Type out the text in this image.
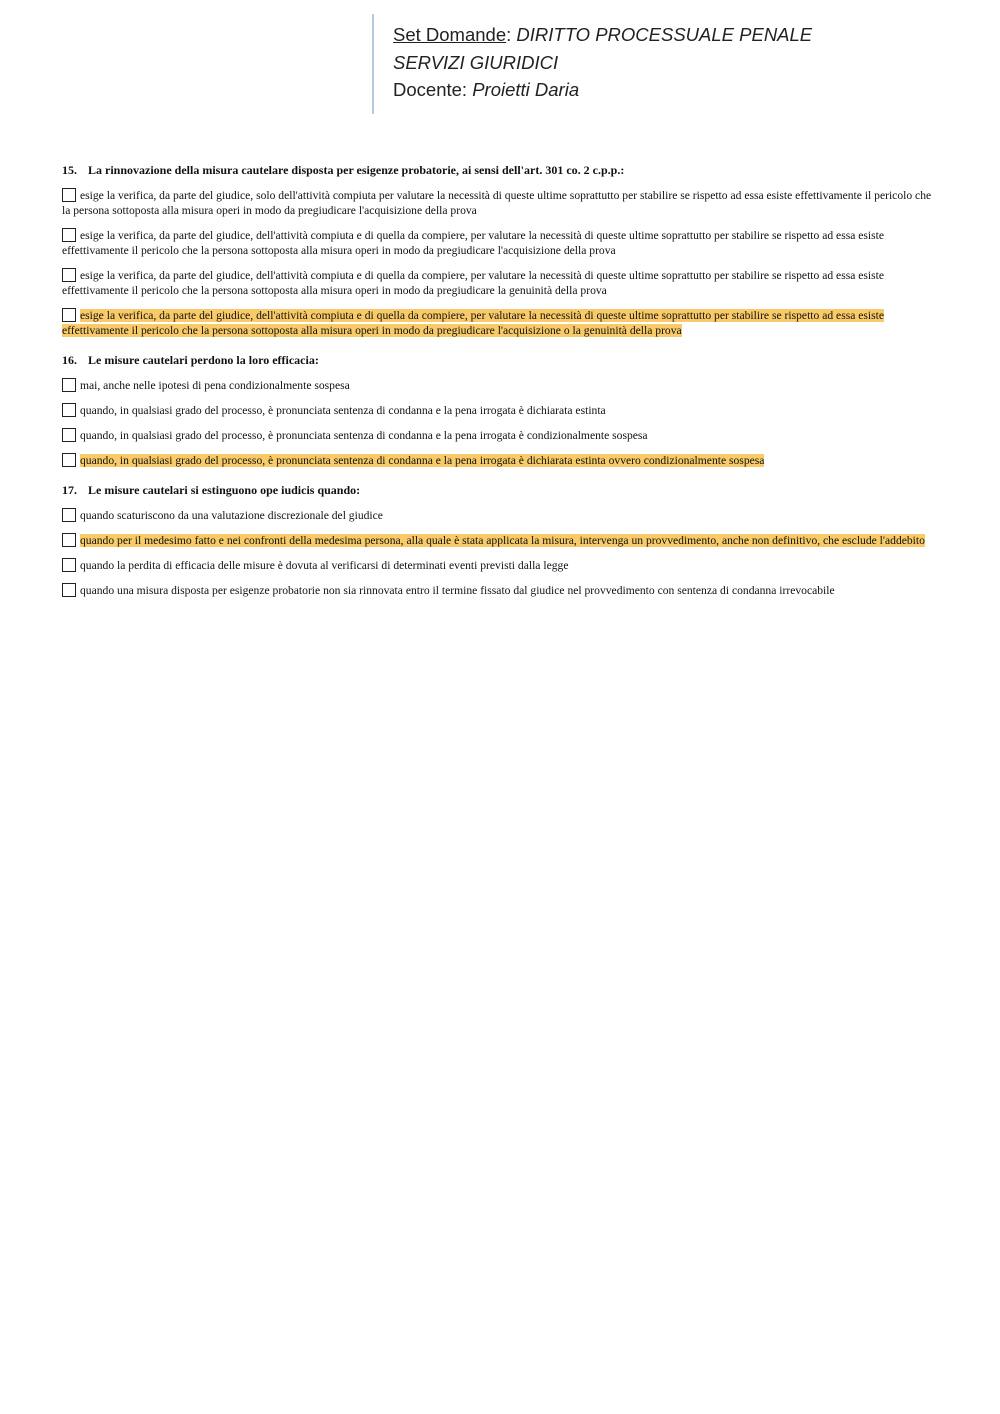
Set Domande: DIRITTO PROCESSUALE PENALE
SERVIZI GIURIDICI
Docente: Proietti Daria
15. La rinnovazione della misura cautelare disposta per esigenze probatorie, ai sensi dell'art. 301 co. 2 c.p.p.:
esige la verifica, da parte del giudice, solo dell'attività compiuta per valutare la necessità di queste ultime soprattutto per stabilire se rispetto ad essa esiste effettivamente il pericolo che la persona sottoposta alla misura operi in modo da pregiudicare l'acquisizione della prova
esige la verifica, da parte del giudice, dell'attività compiuta e di quella da compiere, per valutare la necessità di queste ultime soprattutto per stabilire se rispetto ad essa esiste effettivamente il pericolo che la persona sottoposta alla misura operi in modo da pregiudicare l'acquisizione della prova
esige la verifica, da parte del giudice, dell'attività compiuta e di quella da compiere, per valutare la necessità di queste ultime soprattutto per stabilire se rispetto ad essa esiste effettivamente il pericolo che la persona sottoposta alla misura operi in modo da pregiudicare la genuinità della prova
esige la verifica, da parte del giudice, dell'attività compiuta e di quella da compiere, per valutare la necessità di queste ultime soprattutto per stabilire se rispetto ad essa esiste effettivamente il pericolo che la persona sottoposta alla misura operi in modo da pregiudicare l'acquisizione o la genuinità della prova
16. Le misure cautelari perdono la loro efficacia:
mai, anche nelle ipotesi di pena condizionalmente sospesa
quando, in qualsiasi grado del processo, è pronunciata sentenza di condanna e la pena irrogata è dichiarata estinta
quando, in qualsiasi grado del processo, è pronunciata sentenza di condanna e la pena irrogata è condizionalmente sospesa
quando, in qualsiasi grado del processo, è pronunciata sentenza di condanna e la pena irrogata è dichiarata estinta ovvero condizionalmente sospesa
17. Le misure cautelari si estinguono ope iudicis quando:
quando scaturiscono da una valutazione discrezionale del giudice
quando per il medesimo fatto e nei confronti della medesima persona, alla quale è stata applicata la misura, intervenga un provvedimento, anche non definitivo, che esclude l'addebito
quando la perdita di efficacia delle misure è dovuta al verificarsi di determinati eventi previsti dalla legge
quando una misura disposta per esigenze probatorie non sia rinnovata entro il termine fissato dal giudice nel provvedimento con sentenza di condanna irrevocabile
